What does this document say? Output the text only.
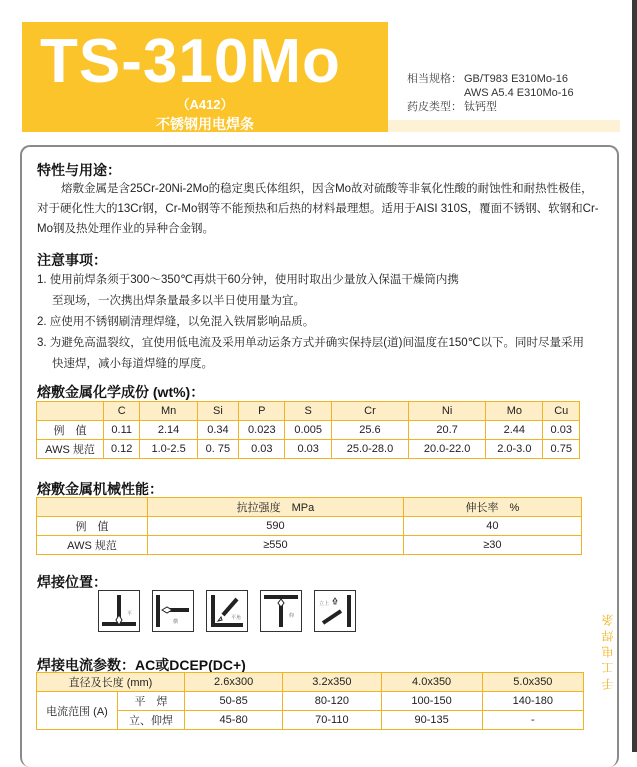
TS-310Mo
（A412）
不锈钢用电焊条
相当规格： GB/T983 E310Mo-16
AWS A5.4 E310Mo-16
药皮类型： 钛钙型
特性与用途：
熔敷金属是含25Cr-20Ni-2Mo的稳定奥氏体组织，因含Mo故对硫酸等非氧化性酸的耐蚀性和耐热性极佳，对于硬化性大的13Cr钢，Cr-Mo钢等不能预热和后热的材料最理想。适用于AISI 310S，覆面不锈钢、软钢和Cr-Mo钢及热处理作业的异种合金钢。
注意事项：
1. 使用前焊条须于300～350℃再烘干60分钟，使用时取出少量放入保温干燥筒内携
至现场，一次携出焊条量最多以半日使用量为宜。
2. 应使用不锈钢刷清理焊缝，以免混入铁屑影响品质。
3. 为避免高温裂纹，宜使用低电流及采用单动运条方式并确实保持层(道)间温度在150℃以下。同时尽量采用
快速焊，减小每道焊缝的厚度。
熔敷金属化学成份 (wt%)：
	C	Mn	Si	P	S	Cr	Ni	Mo	Cu
例　值	0.11	2.14	0.34	0.023	0.005	25.6	20.7	2.44	0.03
AWS 规范	0.12	1.0-2.5	0. 75	0.03	0.03	25.0-28.0	20.0-22.0	2.0-3.0	0.75
熔敷金属机械性能：
	抗拉强度　MPa	伸长率　%
例　值	590	40
AWS 规范	≥550	≥30
焊接位置：
平
横
平角	仰
立上
焊接电流参数：AC或DCEP(DC+)
直径及长度 (mm)		2.6x300	3.2x350	4.0x350	5.0x350
电流范围 (A)	平　焊	50-85	80-120	100-150	140-180
	立、仰焊	45-80	70-110	90-135	-
手工电焊条
